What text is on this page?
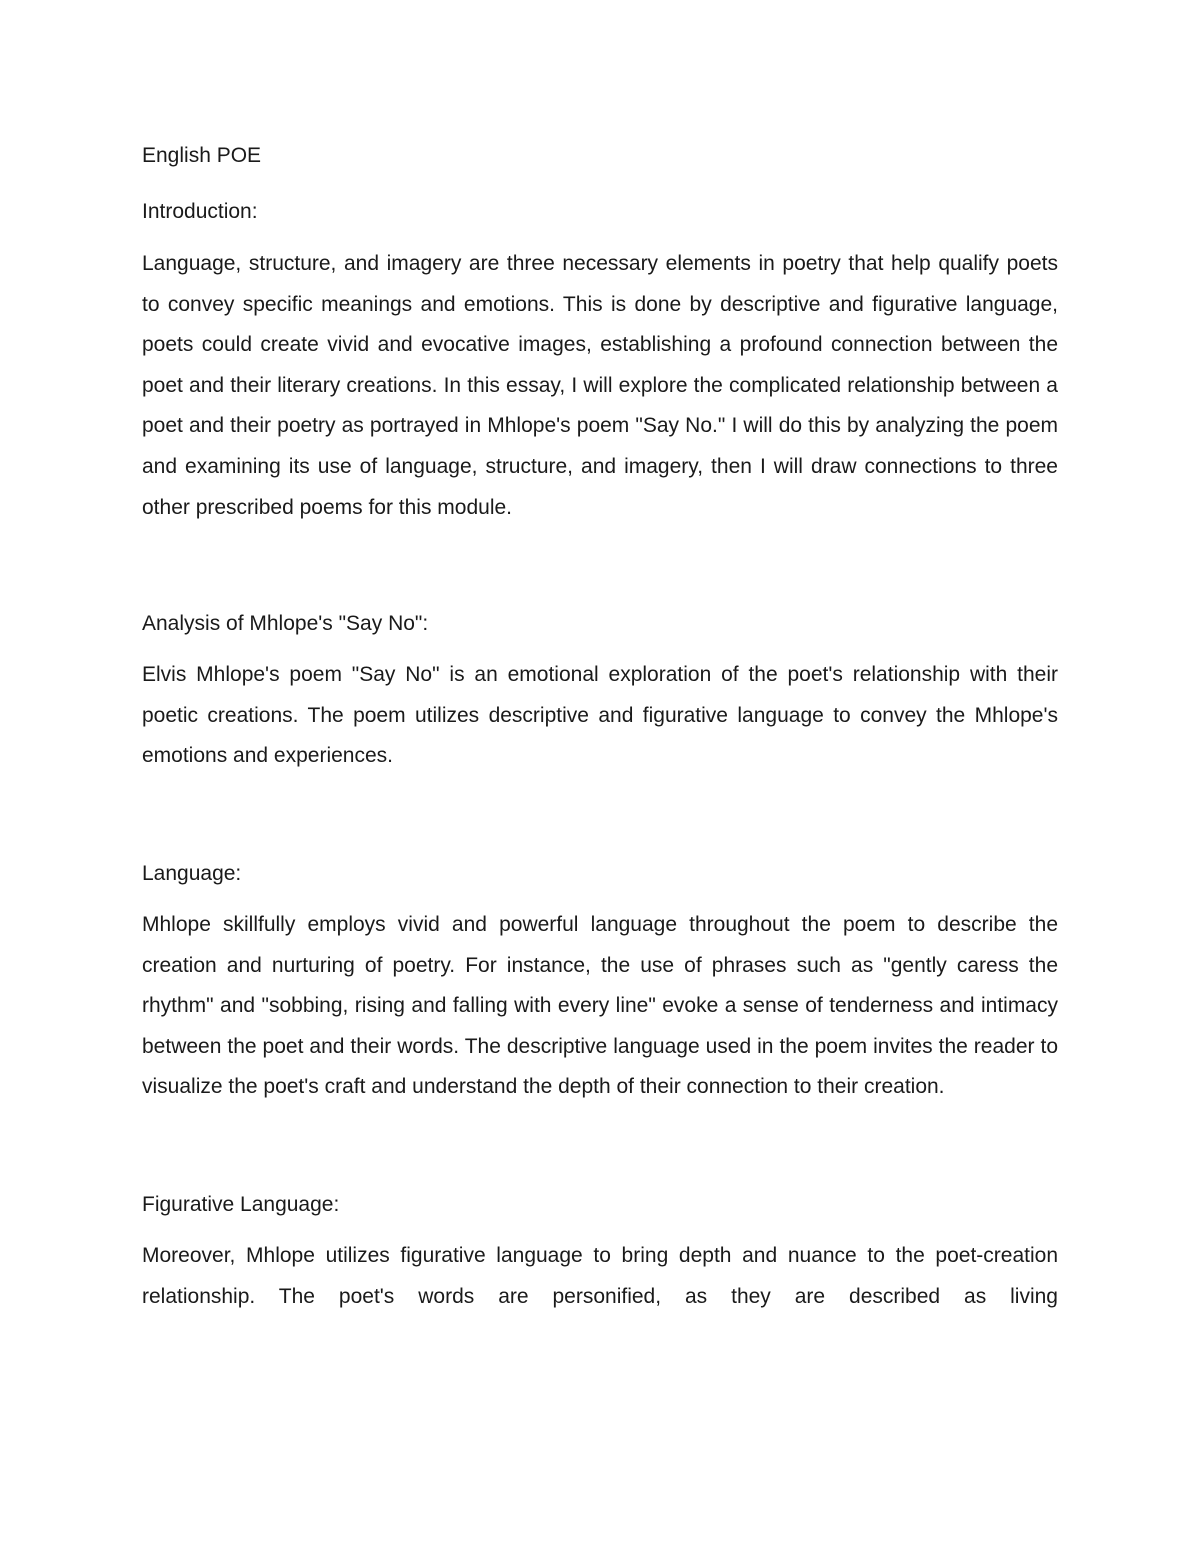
English POE

Introduction:

Language, structure, and imagery are three necessary elements in poetry that help qualify poets to convey specific meanings and emotions. This is done by descriptive and figurative language, poets could create vivid and evocative images, establishing a profound connection between the poet and their literary creations. In this essay, I will explore the complicated relationship between a poet and their poetry as portrayed in Mhlope's poem "Say No." I will do this by analyzing the poem and examining its use of language, structure, and imagery, then I will draw connections to three other prescribed poems for this module.

Analysis of Mhlope's "Say No":

Elvis Mhlope's poem "Say No" is an emotional exploration of the poet's relationship with their poetic creations. The poem utilizes descriptive and figurative language to convey the Mhlope's emotions and experiences.

Language:

Mhlope skillfully employs vivid and powerful language throughout the poem to describe the creation and nurturing of poetry. For instance, the use of phrases such as "gently caress the rhythm" and "sobbing, rising and falling with every line" evoke a sense of tenderness and intimacy between the poet and their words. The descriptive language used in the poem invites the reader to visualize the poet's craft and understand the depth of their connection to their creation.

Figurative Language:

Moreover, Mhlope utilizes figurative language to bring depth and nuance to the poet-creation relationship. The poet's words are personified, as they are described as living
